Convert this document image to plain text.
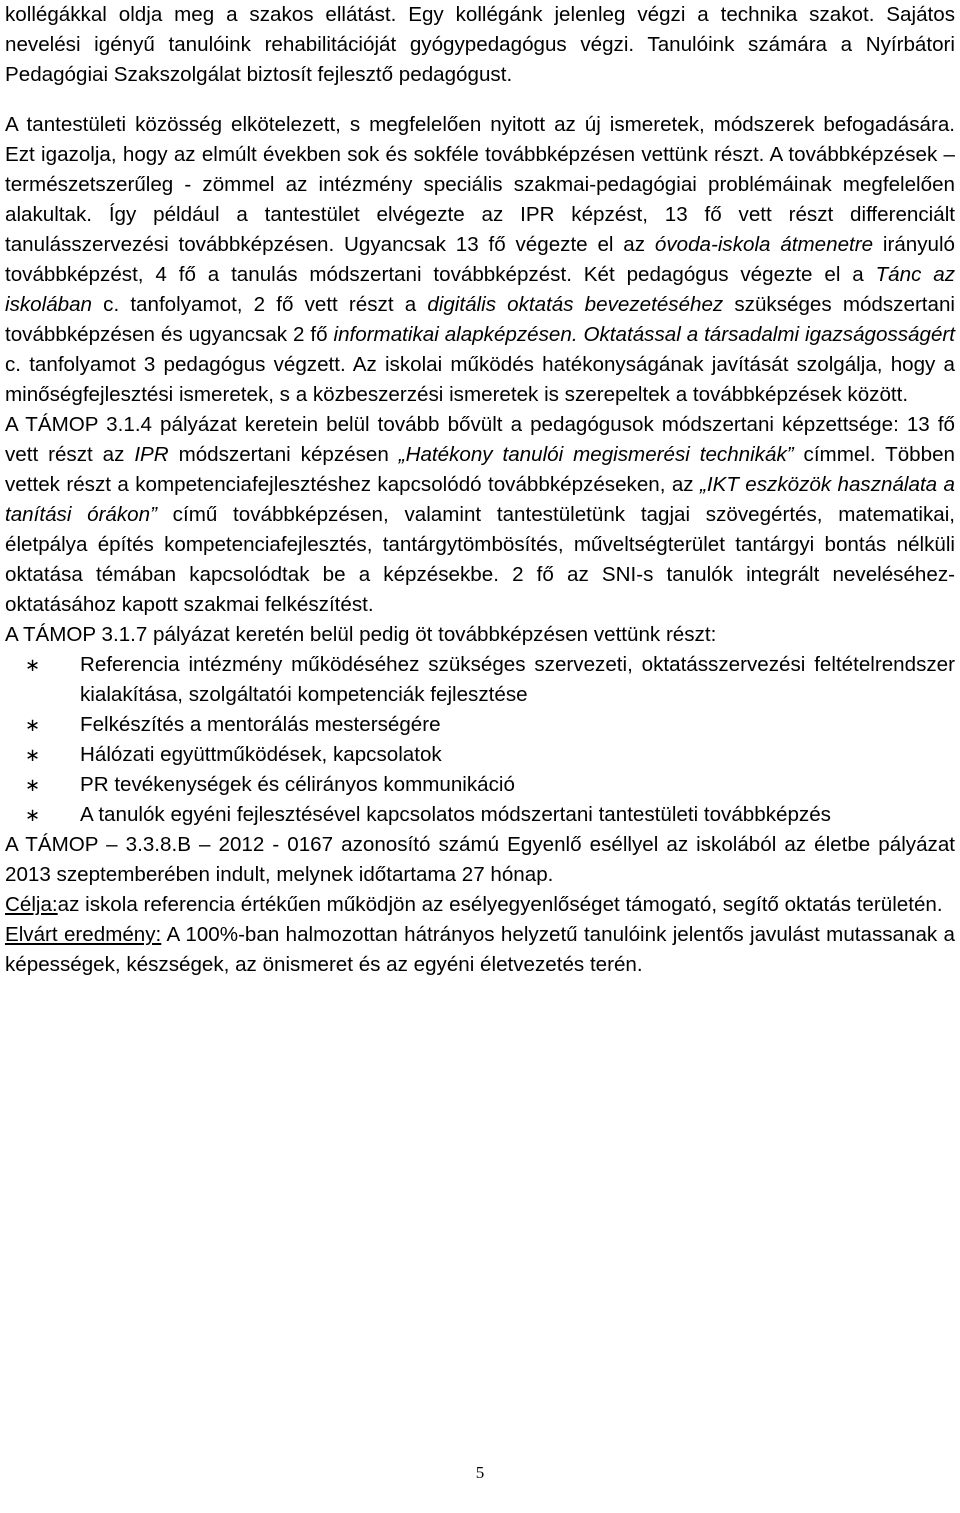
kollégákkal oldja meg a szakos ellátást. Egy kollégánk jelenleg végzi a technika szakot. Sajátos nevelési igényű tanulóink rehabilitációját gyógypedagógus végzi. Tanulóink számára a Nyírbátori Pedagógiai Szakszolgálat biztosít fejlesztő pedagógust.

A tantestületi közösség elkötelezett, s megfelelően nyitott az új ismeretek, módszerek befogadására. Ezt igazolja, hogy az elmúlt években sok és sokféle továbbképzésen vettünk részt. A továbbképzések –természetszerűleg - zömmel az intézmény speciális szakmai-pedagógiai problémáinak megfelelően alakultak. Így például a tantestület elvégezte az IPR képzést, 13 fő vett részt differenciált tanulásszervezési továbbképzésen. Ugyancsak 13 fő végezte el az óvoda-iskola átmenetre irányuló továbbképzést, 4 fő a tanulás módszertani továbbképzést. Két pedagógus végezte el a Tánc az iskolában c. tanfolyamot, 2 fő vett részt a digitális oktatás bevezetéséhez szükséges módszertani továbbképzésen és ugyancsak 2 fő informatikai alapképzésen. Oktatással a társadalmi igazságosságért c. tanfolyamot 3 pedagógus végzett. Az iskolai működés hatékonyságának javítását szolgálja, hogy a minőségfejlesztési ismeretek, s a közbeszerzési ismeretek is szerepeltek a továbbképzések között.

A TÁMOP 3.1.4 pályázat keretein belül tovább bővült a pedagógusok módszertani képzettsége: 13 fő vett részt az IPR módszertani képzésen „Hatékony tanulói megismerési technikák” címmel. Többen vettek részt a kompetenciafejlesztéshez kapcsolódó továbbképzéseken, az „IKT eszközök használata a tanítási órákon” című továbbképzésen, valamint tantestületünk tagjai szövegértés, matematikai, életpálya építés kompetenciafejlesztés, tantárgytömbösítés, műveltségterület tantárgyi bontás nélküli oktatása témában kapcsolódtak be a képzésekbe. 2 fő az SNI-s tanulók integrált neveléséhez-oktatásához kapott szakmai felkészítést.

A TÁMOP 3.1.7 pályázat keretén belül pedig öt továbbképzésen vettünk részt:

∗ Referencia intézmény működéséhez szükséges szervezeti, oktatásszervezési feltételrendszer kialakítása, szolgáltatói kompetenciák fejlesztése
∗ Felkészítés a mentorálás mesterségére
∗ Hálózati együttműködések, kapcsolatok
∗ PR tevékenységek és célirányos kommunikáció
∗ A tanulók egyéni fejlesztésével kapcsolatos módszertani tantestületi továbbképzés

A TÁMOP – 3.3.8.B – 2012 - 0167 azonosító számú Egyenlő eséllyel az iskolából az életbe pályázat 2013 szeptemberében indult, melynek időtartama 27 hónap.

Célja:az iskola referencia értékűen működjön az esélyegyenlőséget támogató, segítő oktatás területén.

Elvárt eredmény: A 100%-ban halmozottan hátrányos helyzetű tanulóink jelentős javulást mutassanak a képességek, készségek, az önismeret és az egyéni életvezetés terén.

5
